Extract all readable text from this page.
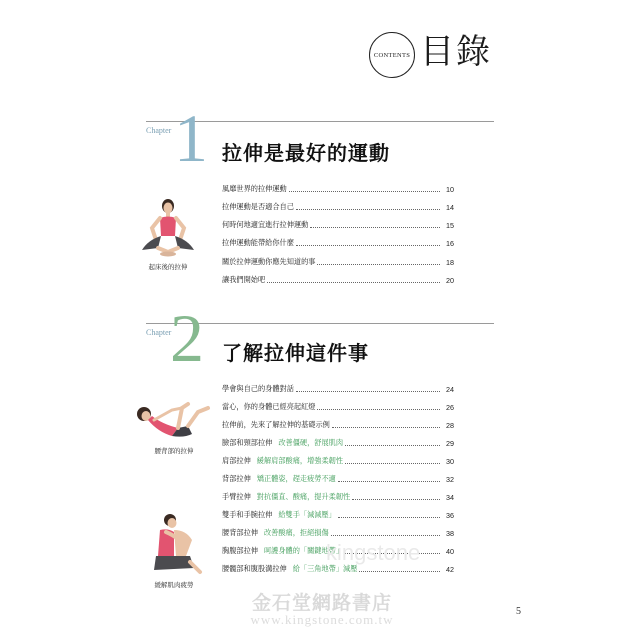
CONTENTS 目錄
Chapter 1 拉伸是最好的運動
風靡世界的拉伸運動	10
拉伸運動是否適合自己	14
何時何地適宜進行拉伸運動	15
拉伸運動能帶給你什麼	16
關於拉伸運動你應先知道的事	18
讓我們開始吧	20
起床後的拉伸
Chapter
2 了解拉伸這件事
學會與自己的身體對話	24
當心，你的身體已經亮起紅燈	26
拉伸前，先來了解拉伸的基礎示例	28
臉部和頸部拉伸 改善僵硬，舒展肌肉	29
肩部拉伸 緩解肩部酸痛，增強柔韌性	30
背部拉伸 矯正體姿，趕走疲勞不適	32
手臂拉伸 對抗僵直、酸痛，提升柔韌性	34
雙手和手腕拉伸 給雙手「減減壓」	36
腰背部拉伸 改善酸痛，拒絕損傷	38
胸腹部拉伸 呵護身體的「關鍵地帶」	40
腰髖部和腹股溝拉伸 給「三角地帶」減壓	42
腰背部的拉伸
緩解肌肉疲勞
kingstone
金石堂網路書店
www.kingstone.com.tw
5
